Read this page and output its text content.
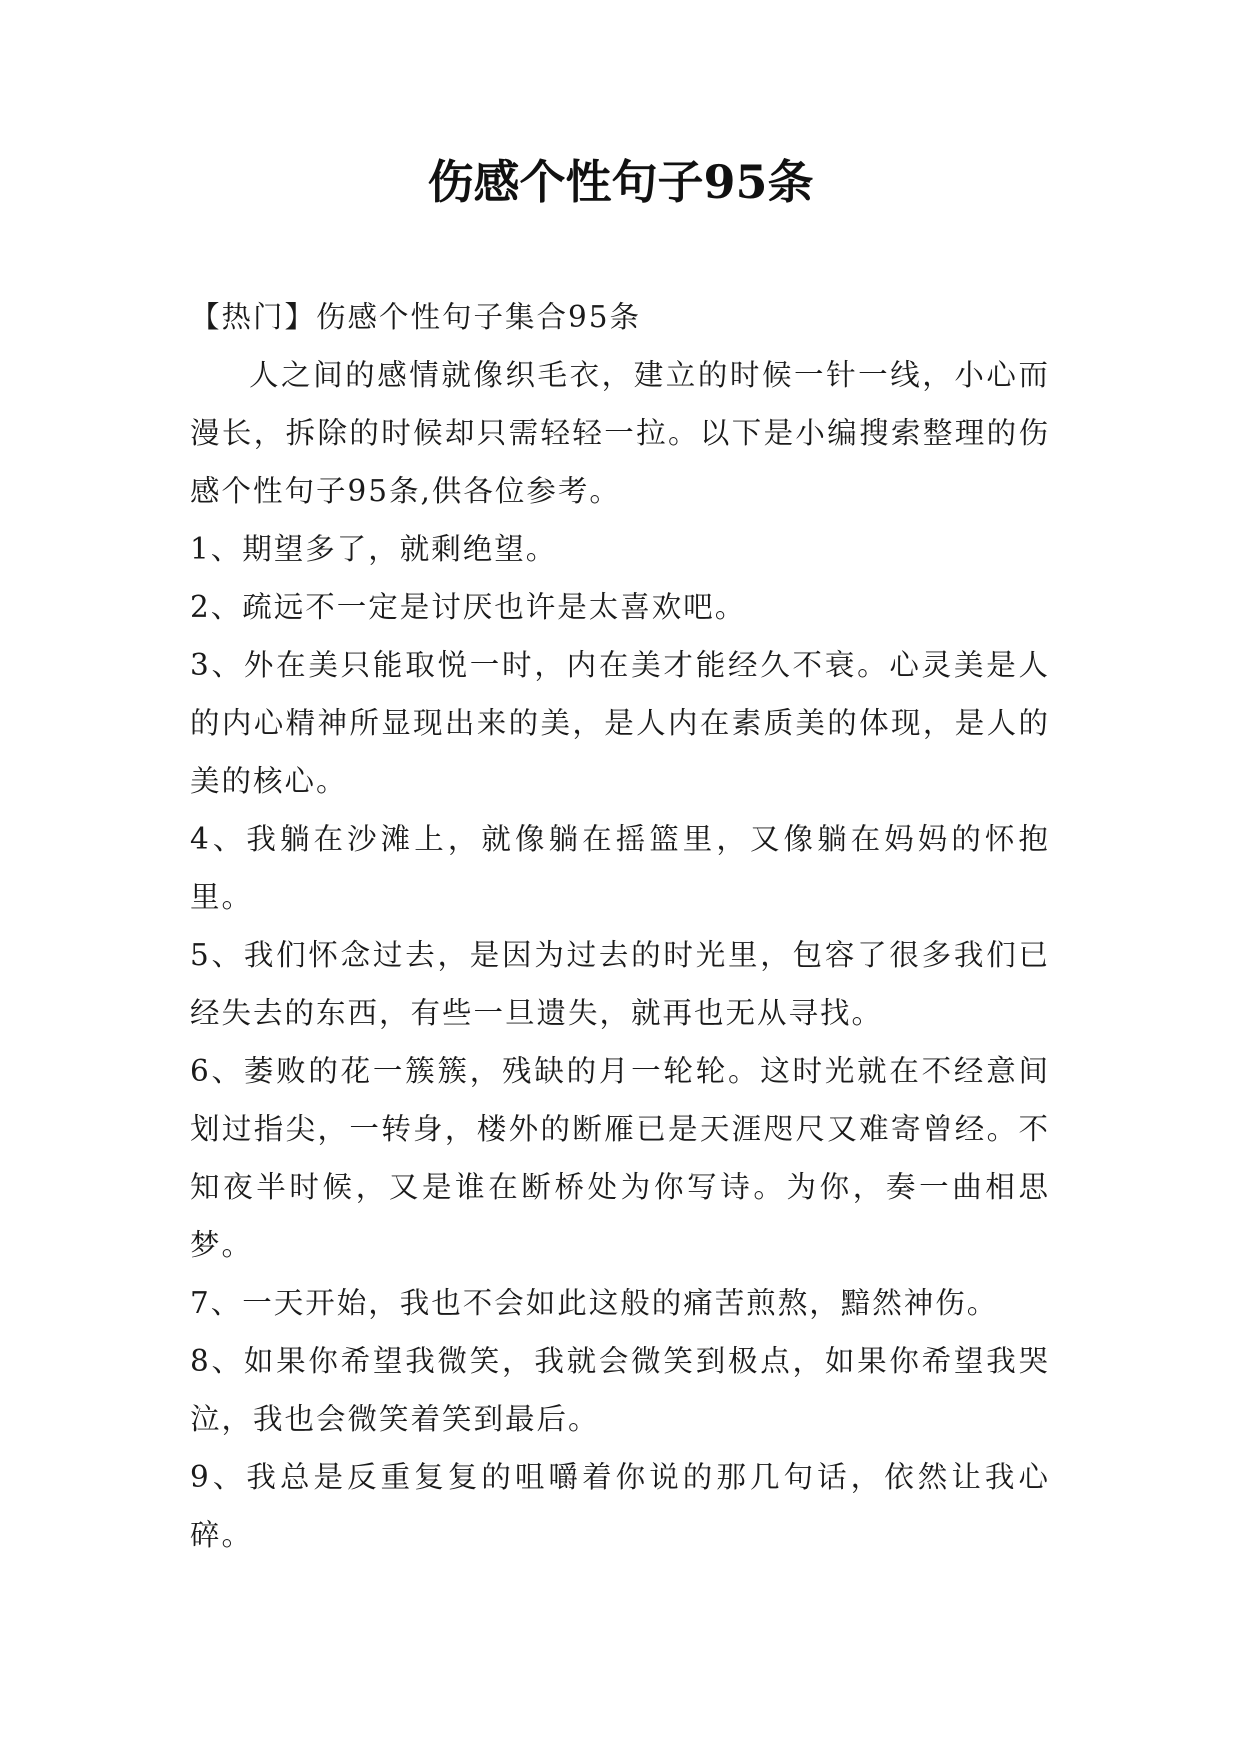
伤感个性句子95条

【热门】伤感个性句子集合95条

人之间的感情就像织毛衣，建立的时候一针一线，小心而漫长，拆除的时候却只需轻轻一拉。以下是小编搜索整理的伤感个性句子95条,供各位参考。

1、期望多了，就剩绝望。

2、疏远不一定是讨厌也许是太喜欢吧。

3、外在美只能取悦一时，内在美才能经久不衰。心灵美是人的内心精神所显现出来的美，是人内在素质美的体现，是人的美的核心。

4、我躺在沙滩上，就像躺在摇篮里，又像躺在妈妈的怀抱里。

5、我们怀念过去，是因为过去的时光里，包容了很多我们已经失去的东西，有些一旦遗失，就再也无从寻找。

6、萎败的花一簇簇，残缺的月一轮轮。这时光就在不经意间划过指尖，一转身，楼外的断雁已是天涯咫尺又难寄曾经。不知夜半时候，又是谁在断桥处为你写诗。为你，奏一曲相思梦。

7、一天开始，我也不会如此这般的痛苦煎熬，黯然神伤。

8、如果你希望我微笑，我就会微笑到极点，如果你希望我哭泣，我也会微笑着笑到最后。

9、我总是反重复复的咀嚼着你说的那几句话，依然让我心碎。
